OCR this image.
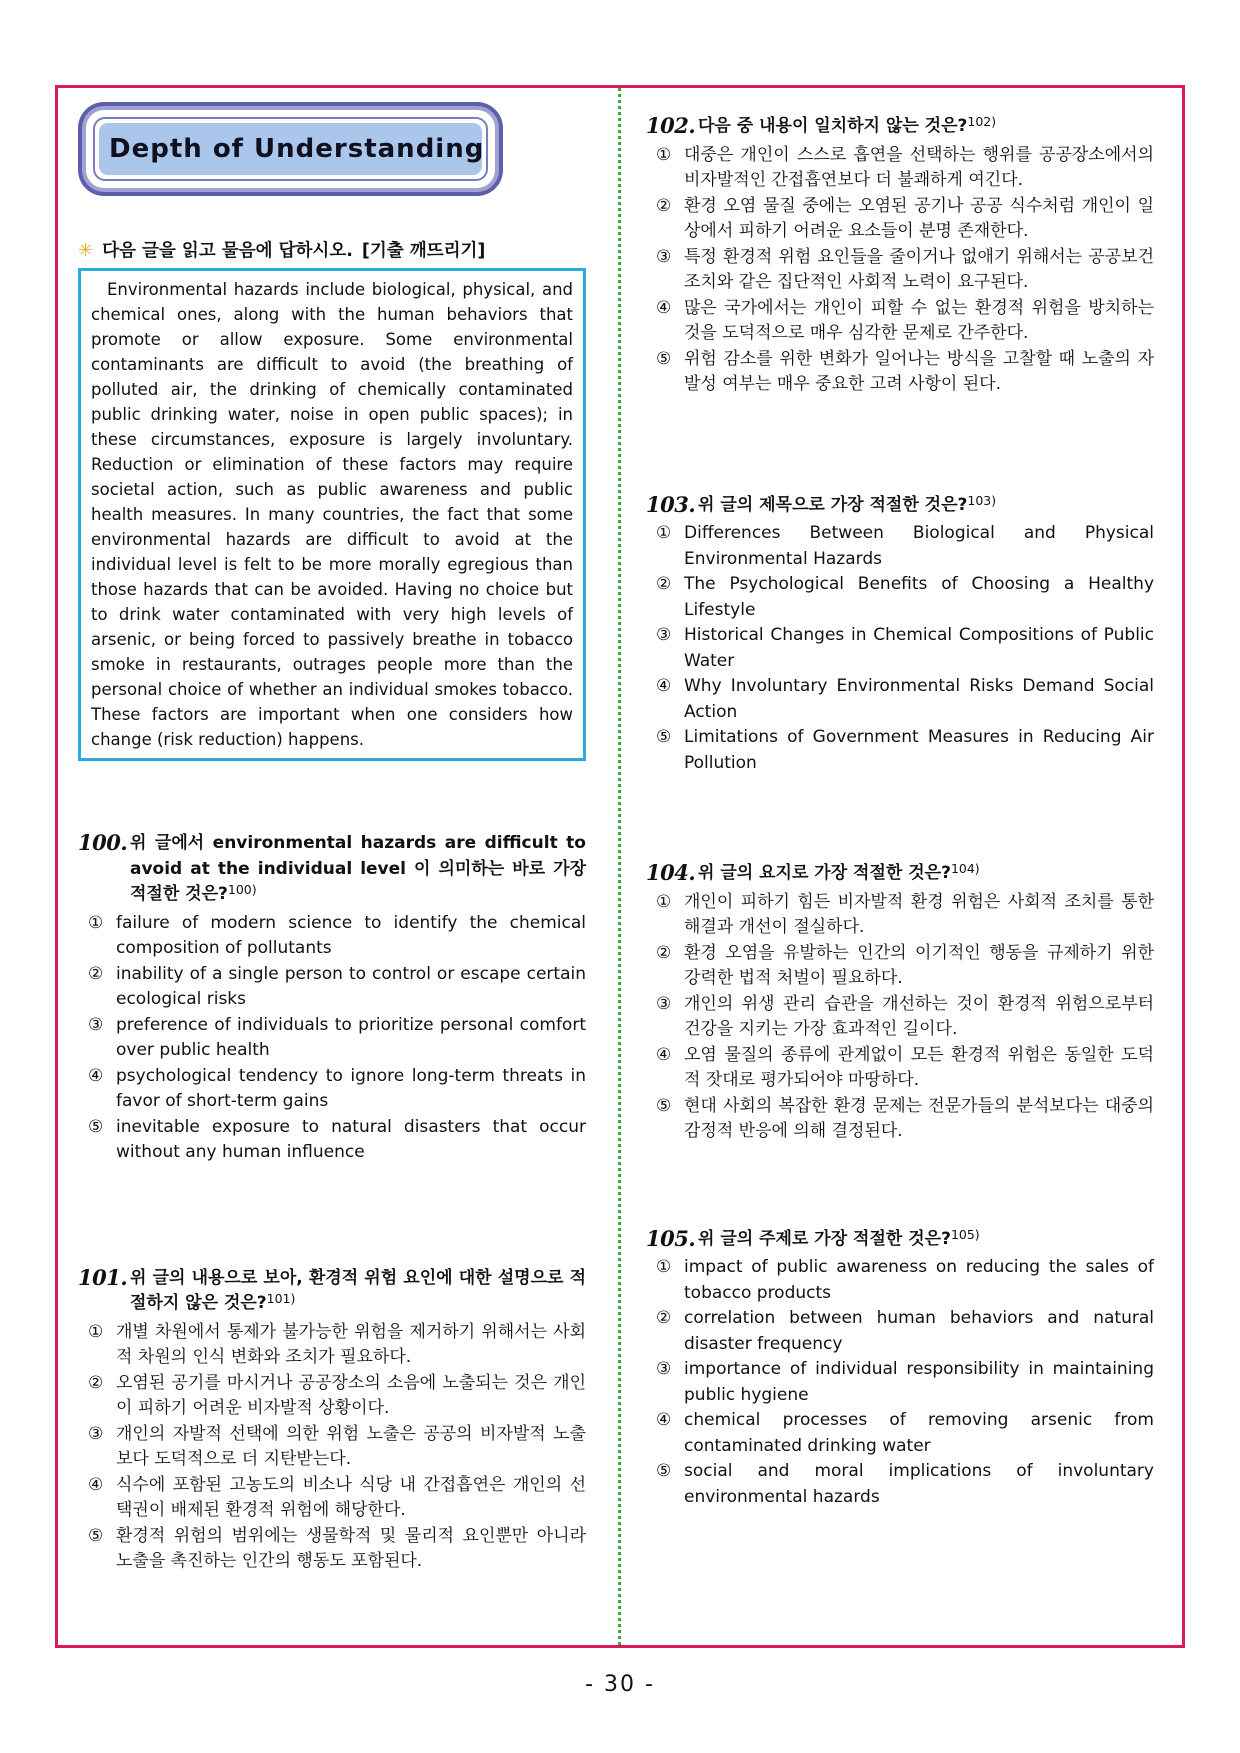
Depth of Understanding
✳ 다음 글을 읽고 물음에 답하시오. [기출 깨뜨리기]
Environmental hazards include biological, physical, and chemical ones, along with the human behaviors that promote or allow exposure. Some environmental contaminants are difficult to avoid (the breathing of polluted air, the drinking of chemically contaminated public drinking water, noise in open public spaces); in these circumstances, exposure is largely involuntary. Reduction or elimination of these factors may require societal action, such as public awareness and public health measures. In many countries, the fact that some environmental hazards are difficult to avoid at the individual level is felt to be more morally egregious than those hazards that can be avoided. Having no choice but to drink water contaminated with very high levels of arsenic, or being forced to passively breathe in tobacco smoke in restaurants, outrages people more than the personal choice of whether an individual smokes tobacco. These factors are important when one considers how change (risk reduction) happens.
100. 위 글에서 environmental hazards are difficult to avoid at the individual level 이 의미하는 바로 가장 적절한 것은?$^{100)}$
① failure of modern science to identify the chemical composition of pollutants
② inability of a single person to control or escape certain ecological risks
③ preference of individuals to prioritize personal comfort over public health
④ psychological tendency to ignore long-term threats in favor of short-term gains
⑤ inevitable exposure to natural disasters that occur without any human influence
101. 위 글의 내용으로 보아, 환경적 위험 요인에 대한 설명으로 적절하지 않은 것은?$^{101)}$
① 개별 차원에서 통제가 불가능한 위험을 제거하기 위해서는 사회적 차원의 인식 변화와 조치가 필요하다.
② 오염된 공기를 마시거나 공공장소의 소음에 노출되는 것은 개인이 피하기 어려운 비자발적 상황이다.
③ 개인의 자발적 선택에 의한 위험 노출은 공공의 비자발적 노출보다 도덕적으로 더 지탄받는다.
④ 식수에 포함된 고농도의 비소나 식당 내 간접흡연은 개인의 선택권이 배제된 환경적 위험에 해당한다.
⑤ 환경적 위험의 범위에는 생물학적 및 물리적 요인뿐만 아니라 노출을 촉진하는 인간의 행동도 포함된다.
102. 다음 중 내용이 일치하지 않는 것은?$^{102)}$
① 대중은 개인이 스스로 흡연을 선택하는 행위를 공공장소에서의 비자발적인 간접흡연보다 더 불쾌하게 여긴다.
② 환경 오염 물질 중에는 오염된 공기나 공공 식수처럼 개인이 일상에서 피하기 어려운 요소들이 분명 존재한다.
③ 특정 환경적 위험 요인들을 줄이거나 없애기 위해서는 공공보건 조치와 같은 집단적인 사회적 노력이 요구된다.
④ 많은 국가에서는 개인이 피할 수 없는 환경적 위험을 방치하는 것을 도덕적으로 매우 심각한 문제로 간주한다.
⑤ 위험 감소를 위한 변화가 일어나는 방식을 고찰할 때 노출의 자발성 여부는 매우 중요한 고려 사항이 된다.
103. 위 글의 제목으로 가장 적절한 것은?$^{103)}$
① Differences Between Biological and Physical Environmental Hazards
② The Psychological Benefits of Choosing a Healthy Lifestyle
③ Historical Changes in Chemical Compositions of Public Water
④ Why Involuntary Environmental Risks Demand Social Action
⑤ Limitations of Government Measures in Reducing Air Pollution
104. 위 글의 요지로 가장 적절한 것은?$^{104)}$
① 개인이 피하기 힘든 비자발적 환경 위험은 사회적 조치를 통한 해결과 개선이 절실하다.
② 환경 오염을 유발하는 인간의 이기적인 행동을 규제하기 위한 강력한 법적 처벌이 필요하다.
③ 개인의 위생 관리 습관을 개선하는 것이 환경적 위험으로부터 건강을 지키는 가장 효과적인 길이다.
④ 오염 물질의 종류에 관계없이 모든 환경적 위험은 동일한 도덕적 잣대로 평가되어야 마땅하다.
⑤ 현대 사회의 복잡한 환경 문제는 전문가들의 분석보다는 대중의 감정적 반응에 의해 결정된다.
105. 위 글의 주제로 가장 적절한 것은?$^{105)}$
① impact of public awareness on reducing the sales of tobacco products
② correlation between human behaviors and natural disaster frequency
③ importance of individual responsibility in maintaining public hygiene
④ chemical processes of removing arsenic from contaminated drinking water
⑤ social and moral implications of involuntary environmental hazards
- 30 -
